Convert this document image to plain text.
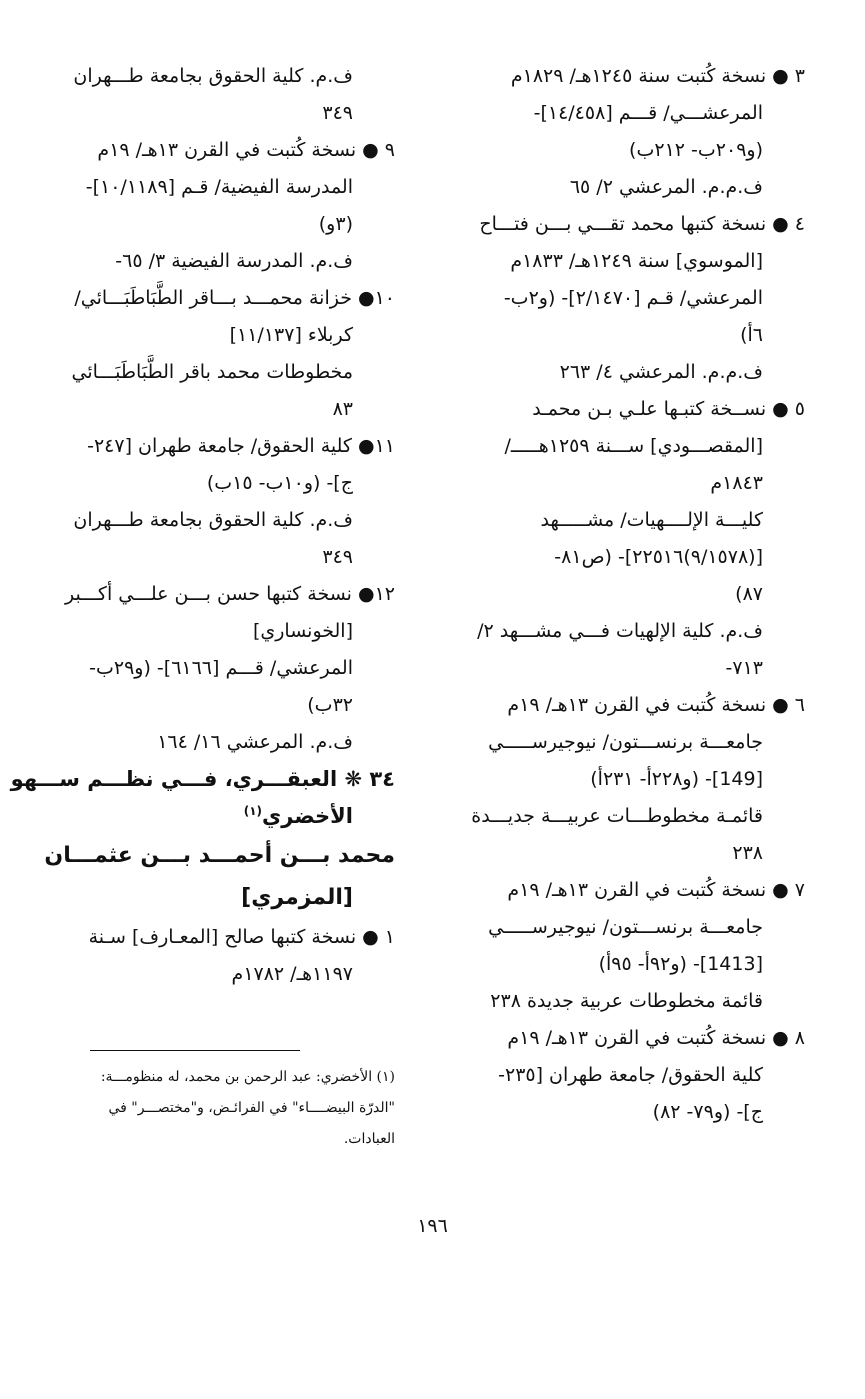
٣ ● نسخة كُتبت سنة ١٢٤٥هـ/ ١٨٢٩م
المرعشـــي/ قـــم [١٤/٤٥٨]-
(و٢٠٩ب- ٢١٢ب)
ف.م.م. المرعشي ٢/ ٦٥
٤ ● نسخة كتبها محمد تقـــي بـــن فتـــاح
[الموسوي] سنة ١٢٤٩هـ/ ١٨٣٣م
المرعشي/ قـم [٢/١٤٧٠]- (و٢ب-
٦أ)
ف.م.م. المرعشي ٤/ ٢٦٣
٥ ● نســخة كتبـها علـي بـن محمـد
[المقصـــودي] ســـنة ١٢٥٩هـــــ/
١٨٤٣م
كليـــة الإلــــهيات/ مشـــــهد
[(٩/١٥٧٨)٢٢٥١٦]- (ص٨١-
٨٧)
ف.م. كلية الإلهيات فـــي مشـــهد ٢/
٧١٣-
٦ ● نسخة كُتبت في القرن ١٣هـ/ ١٩م
جامعـــة برنســـتون/ نيوجيرســـــي
[149]- (و٢٢٨أ- ٢٣١أ)
قائمـة مخطوطـــات عربيـــة جديـــدة
٢٣٨
٧ ● نسخة كُتبت في القرن ١٣هـ/ ١٩م
جامعـــة برنســـتون/ نيوجيرســـــي
[1413]- (و٩٢أ- ٩٥أ)
قائمة مخطوطات عربية جديدة ٢٣٨
٨ ● نسخة كُتبت في القرن ١٣هـ/ ١٩م
كلية الحقوق/ جامعة طهران [٢٣٥-
ج]- (و٧٩- ٨٢)
ف.م. كلية الحقوق بجامعة طـــهران
٣٤٩
٩ ● نسخة كُتبت في القرن ١٣هـ/ ١٩م
المدرسة الفيضية/ قـم [١٠/١١٨٩]-
(٣و)
ف.م. المدرسة الفيضية ٣/ ٦٥-
١٠● خزانة محمـــد بـــاقر الطَّبَاطَبَـــائي/
كربلاء [١١/١٣٧]
مخطوطات محمد باقر الطَّبَاطَبَـــائي
٨٣
١١● كلية الحقوق/ جامعة طهران [٢٤٧-
ج]- (و١٠ب- ١٥ب)
ف.م. كلية الحقوق بجامعة طـــهران
٣٤٩
١٢● نسخة كتبها حسن بـــن علـــي أكـــبر
[الخونساري]
المرعشي/ قـــم [٦١٦٦]- (و٢٩ب-
٣٢ب)
ف.م. المرعشي ١٦/ ١٦٤
٣٤ ❋ العبقـــري، فـــي نظـــم ســـهو
الأخضري$^{(١)}$
محمد بـــن أحمـــد بـــن عثمـــان
[المزمري]
١ ● نسخة كتبها صالح [المعـارف] سـنة
١١٩٧هـ/ ١٧٨٢م
(١) الأخضري: عبد الرحمن بن محمد، له منظومـــة:
"الدرّة البيضــــاء" في الفرائـض، و"مختصـــر" في
العبادات.
١٩٦
